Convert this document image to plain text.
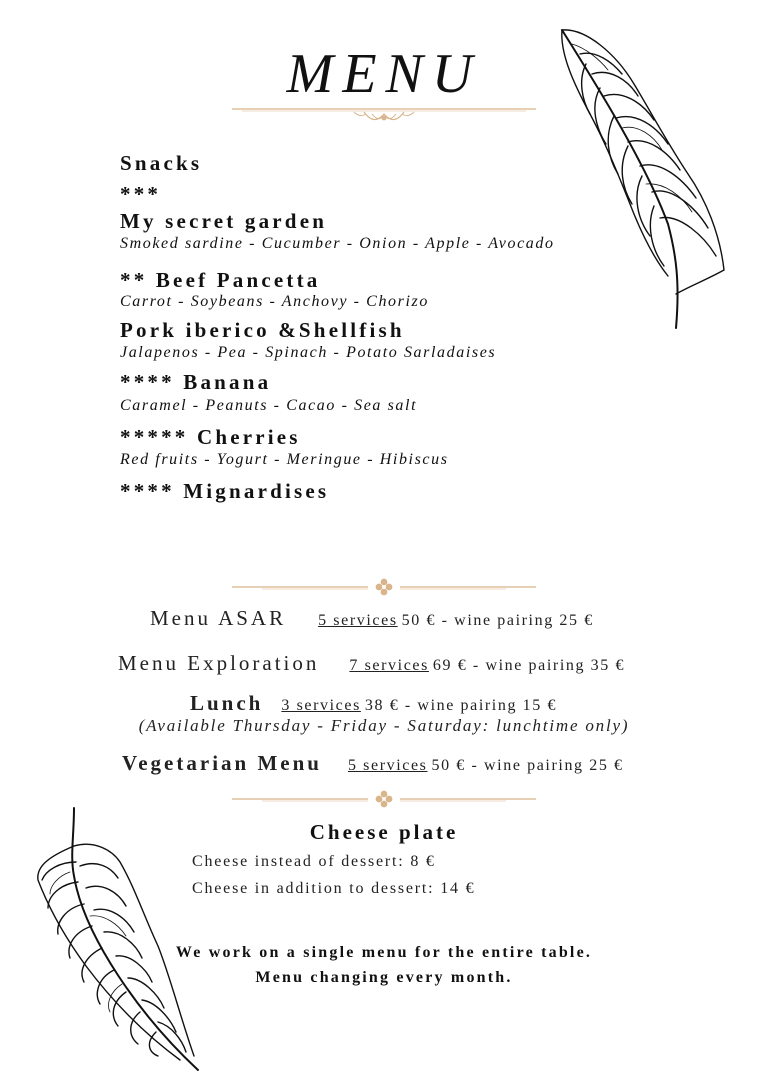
MENU
Snacks
***
My secret garden
Smoked sardine - Cucumber - Onion - Apple - Avocado
** Beef Pancetta
Carrot - Soybeans - Anchovy - Chorizo
Pork iberico &Shellfish
Jalapenos - Pea - Spinach - Potato Sarladaises
**** Banana
Caramel - Peanuts - Cacao - Sea salt
***** Cherries
Red fruits - Yogurt - Meringue - Hibiscus
**** Mignardises
Menu ASAR 5 services 50 € - wine pairing 25 €
Menu Exploration 7 services 69 € - wine pairing 35 €
Lunch 3 services 38 € - wine pairing 15 €
(Available Thursday - Friday - Saturday: lunchtime only)
Vegetarian Menu 5 services 50 € - wine pairing 25 €
Cheese plate
Cheese instead of dessert: 8 €
Cheese in addition to dessert: 14 €
We work on a single menu for the entire table.
Menu changing every month.
